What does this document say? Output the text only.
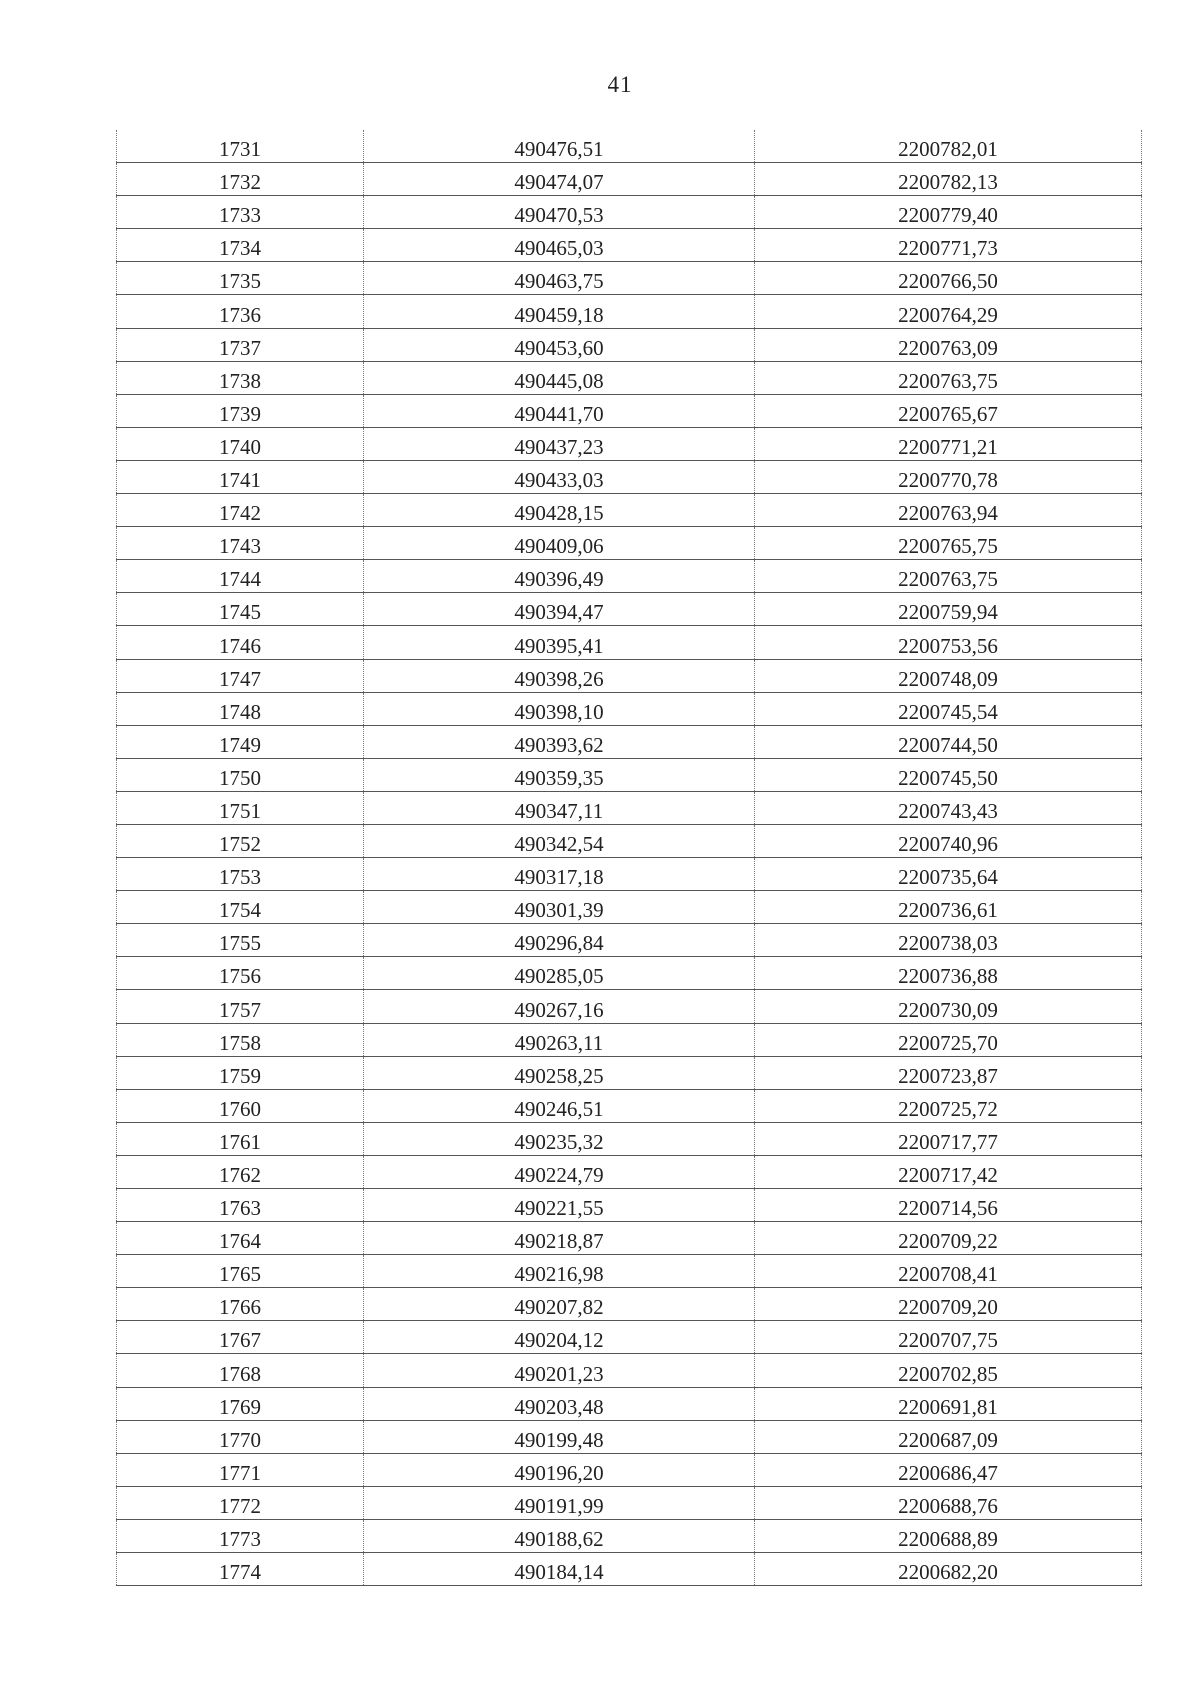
41
1731	490476,51	2200782,01
1732	490474,07	2200782,13
1733	490470,53	2200779,40
1734	490465,03	2200771,73
1735	490463,75	2200766,50
1736	490459,18	2200764,29
1737	490453,60	2200763,09
1738	490445,08	2200763,75
1739	490441,70	2200765,67
1740	490437,23	2200771,21
1741	490433,03	2200770,78
1742	490428,15	2200763,94
1743	490409,06	2200765,75
1744	490396,49	2200763,75
1745	490394,47	2200759,94
1746	490395,41	2200753,56
1747	490398,26	2200748,09
1748	490398,10	2200745,54
1749	490393,62	2200744,50
1750	490359,35	2200745,50
1751	490347,11	2200743,43
1752	490342,54	2200740,96
1753	490317,18	2200735,64
1754	490301,39	2200736,61
1755	490296,84	2200738,03
1756	490285,05	2200736,88
1757	490267,16	2200730,09
1758	490263,11	2200725,70
1759	490258,25	2200723,87
1760	490246,51	2200725,72
1761	490235,32	2200717,77
1762	490224,79	2200717,42
1763	490221,55	2200714,56
1764	490218,87	2200709,22
1765	490216,98	2200708,41
1766	490207,82	2200709,20
1767	490204,12	2200707,75
1768	490201,23	2200702,85
1769	490203,48	2200691,81
1770	490199,48	2200687,09
1771	490196,20	2200686,47
1772	490191,99	2200688,76
1773	490188,62	2200688,89
1774	490184,14	2200682,20
